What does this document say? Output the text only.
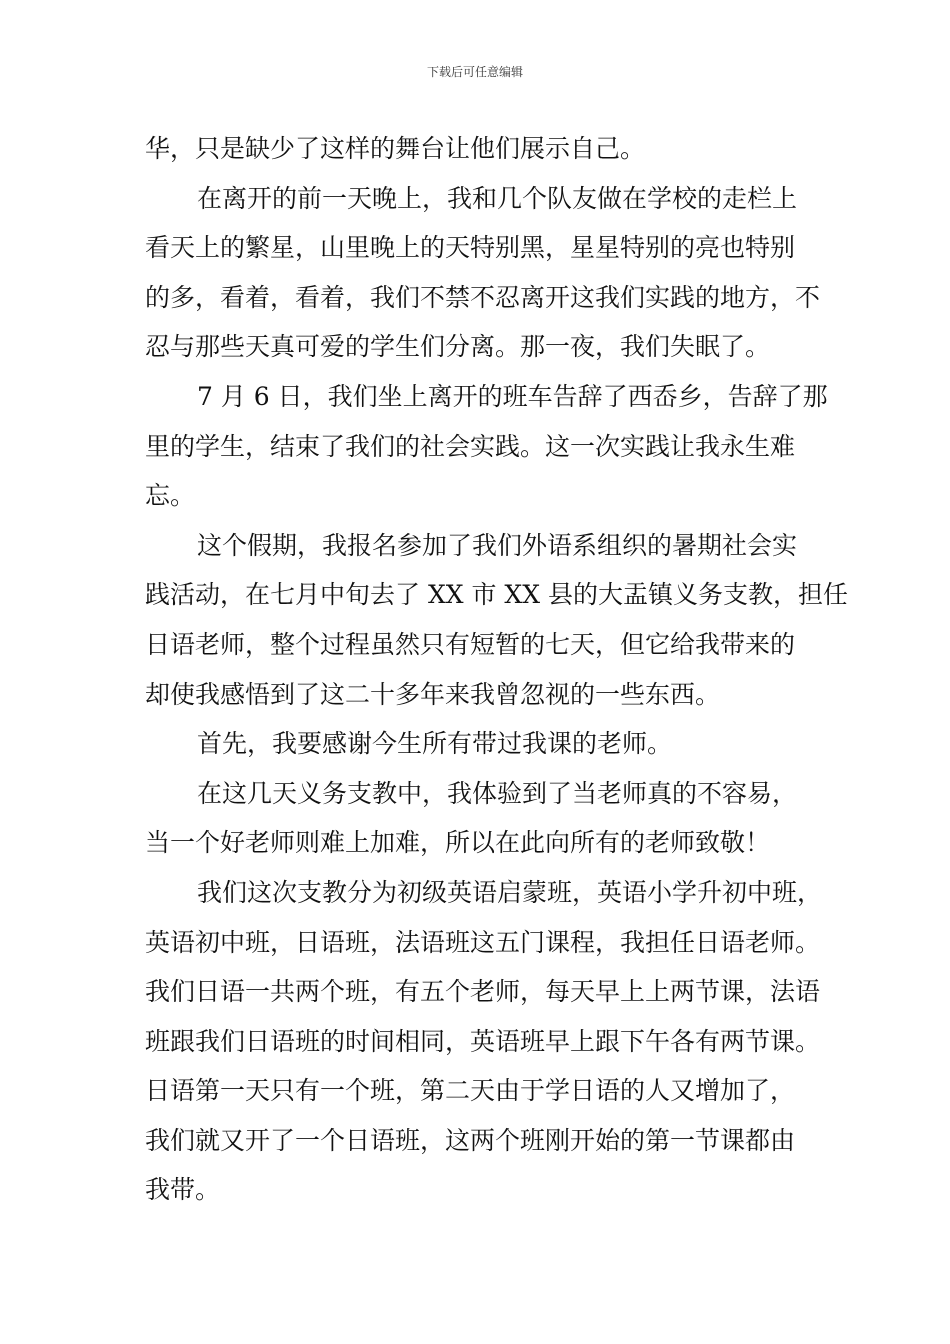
下载后可任意编辑
华，只是缺少了这样的舞台让他们展示自己。
在离开的前一天晚上，我和几个队友做在学校的走栏上
看天上的繁星，山里晚上的天特别黑，星星特别的亮也特别
的多，看着，看着，我们不禁不忍离开这我们实践的地方，不
忍与那些天真可爱的学生们分离。那一夜，我们失眠了。
7 月 6 日，我们坐上离开的班车告辞了西岙乡，告辞了那
里的学生，结束了我们的社会实践。这一次实践让我永生难
忘。
这个假期，我报名参加了我们外语系组织的暑期社会实
践活动，在七月中旬去了 XX 市 XX 县的大盂镇义务支教，担任
日语老师，整个过程虽然只有短暂的七天，但它给我带来的
却使我感悟到了这二十多年来我曾忽视的一些东西。
首先，我要感谢今生所有带过我课的老师。
在这几天义务支教中，我体验到了当老师真的不容易，
当一个好老师则难上加难，所以在此向所有的老师致敬！
我们这次支教分为初级英语启蒙班，英语小学升初中班，
英语初中班，日语班，法语班这五门课程，我担任日语老师。
我们日语一共两个班，有五个老师，每天早上上两节课，法语
班跟我们日语班的时间相同，英语班早上跟下午各有两节课。
日语第一天只有一个班，第二天由于学日语的人又增加了，
我们就又开了一个日语班，这两个班刚开始的第一节课都由
我带。
